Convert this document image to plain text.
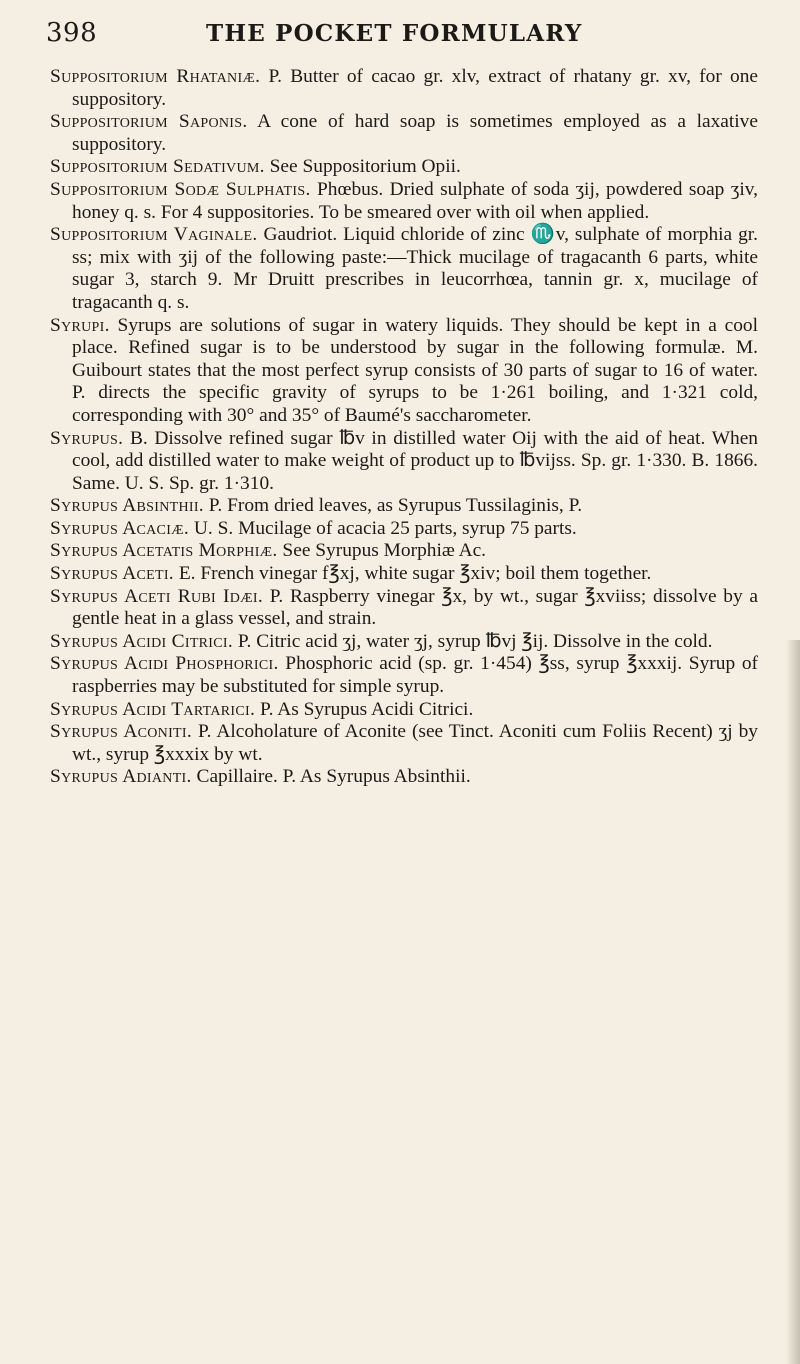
398	THE POCKET FORMULARY

Suppositorium Rhataniæ. P. Butter of cacao gr. xlv, extract of rhatany gr. xv, for one suppository.

Suppositorium Saponis. A cone of hard soap is sometimes employed as a laxative suppository.

Suppositorium Sedativum. See Suppositorium Opii.

Suppositorium Sodæ Sulphatis. Phœbus. Dried sulphate of soda ʒij, powdered soap ʒiv, honey q. s. For 4 suppositories. To be smeared over with oil when applied.

Suppositorium Vaginale. Gaudriot. Liquid chloride of zinc ♏v, sulphate of morphia gr. ss; mix with ʒij of the following paste:—Thick mucilage of tragacanth 6 parts, white sugar 3, starch 9. Mr Druitt prescribes in leucorrhœa, tannin gr. x, mucilage of tragacanth q. s.

Syrupi. Syrups are solutions of sugar in watery liquids. They should be kept in a cool place. Refined sugar is to be understood by sugar in the following formulæ. M. Guibourt states that the most perfect syrup consists of 30 parts of sugar to 16 of water. P. directs the specific gravity of syrups to be 1·261 boiling, and 1·321 cold, corresponding with 30° and 35° of Baumé's saccharometer.

Syrupus. B. Dissolve refined sugar ℔v in distilled water Oij with the aid of heat. When cool, add distilled water to make weight of product up to ℔vijss. Sp. gr. 1·330. B. 1866. Same. U. S. Sp. gr. 1·310.

Syrupus Absinthii. P. From dried leaves, as Syrupus Tussilaginis, P.

Syrupus Acaciæ. U. S. Mucilage of acacia 25 parts, syrup 75 parts.

Syrupus Acetatis Morphiæ. See Syrupus Morphiæ Ac.

Syrupus Aceti. E. French vinegar f℥xj, white sugar ℥xiv; boil them together.

Syrupus Aceti Rubi Idæi. P. Raspberry vinegar ℥x, by wt., sugar ℥xviiss; dissolve by a gentle heat in a glass vessel, and strain.

Syrupus Acidi Citrici. P. Citric acid ʒj, water ʒj, syrup ℔vj ℥ij. Dissolve in the cold.

Syrupus Acidi Phosphorici. Phosphoric acid (sp. gr. 1·454) ℥ss, syrup ℥xxxij. Syrup of raspberries may be substituted for simple syrup.

Syrupus Acidi Tartarici. P. As Syrupus Acidi Citrici.

Syrupus Aconiti. P. Alcoholature of Aconite (see Tinct. Aconiti cum Foliis Recent) ʒj by wt., syrup ℥xxxix by wt.

Syrupus Adianti. Capillaire. P. As Syrupus Absinthii.
